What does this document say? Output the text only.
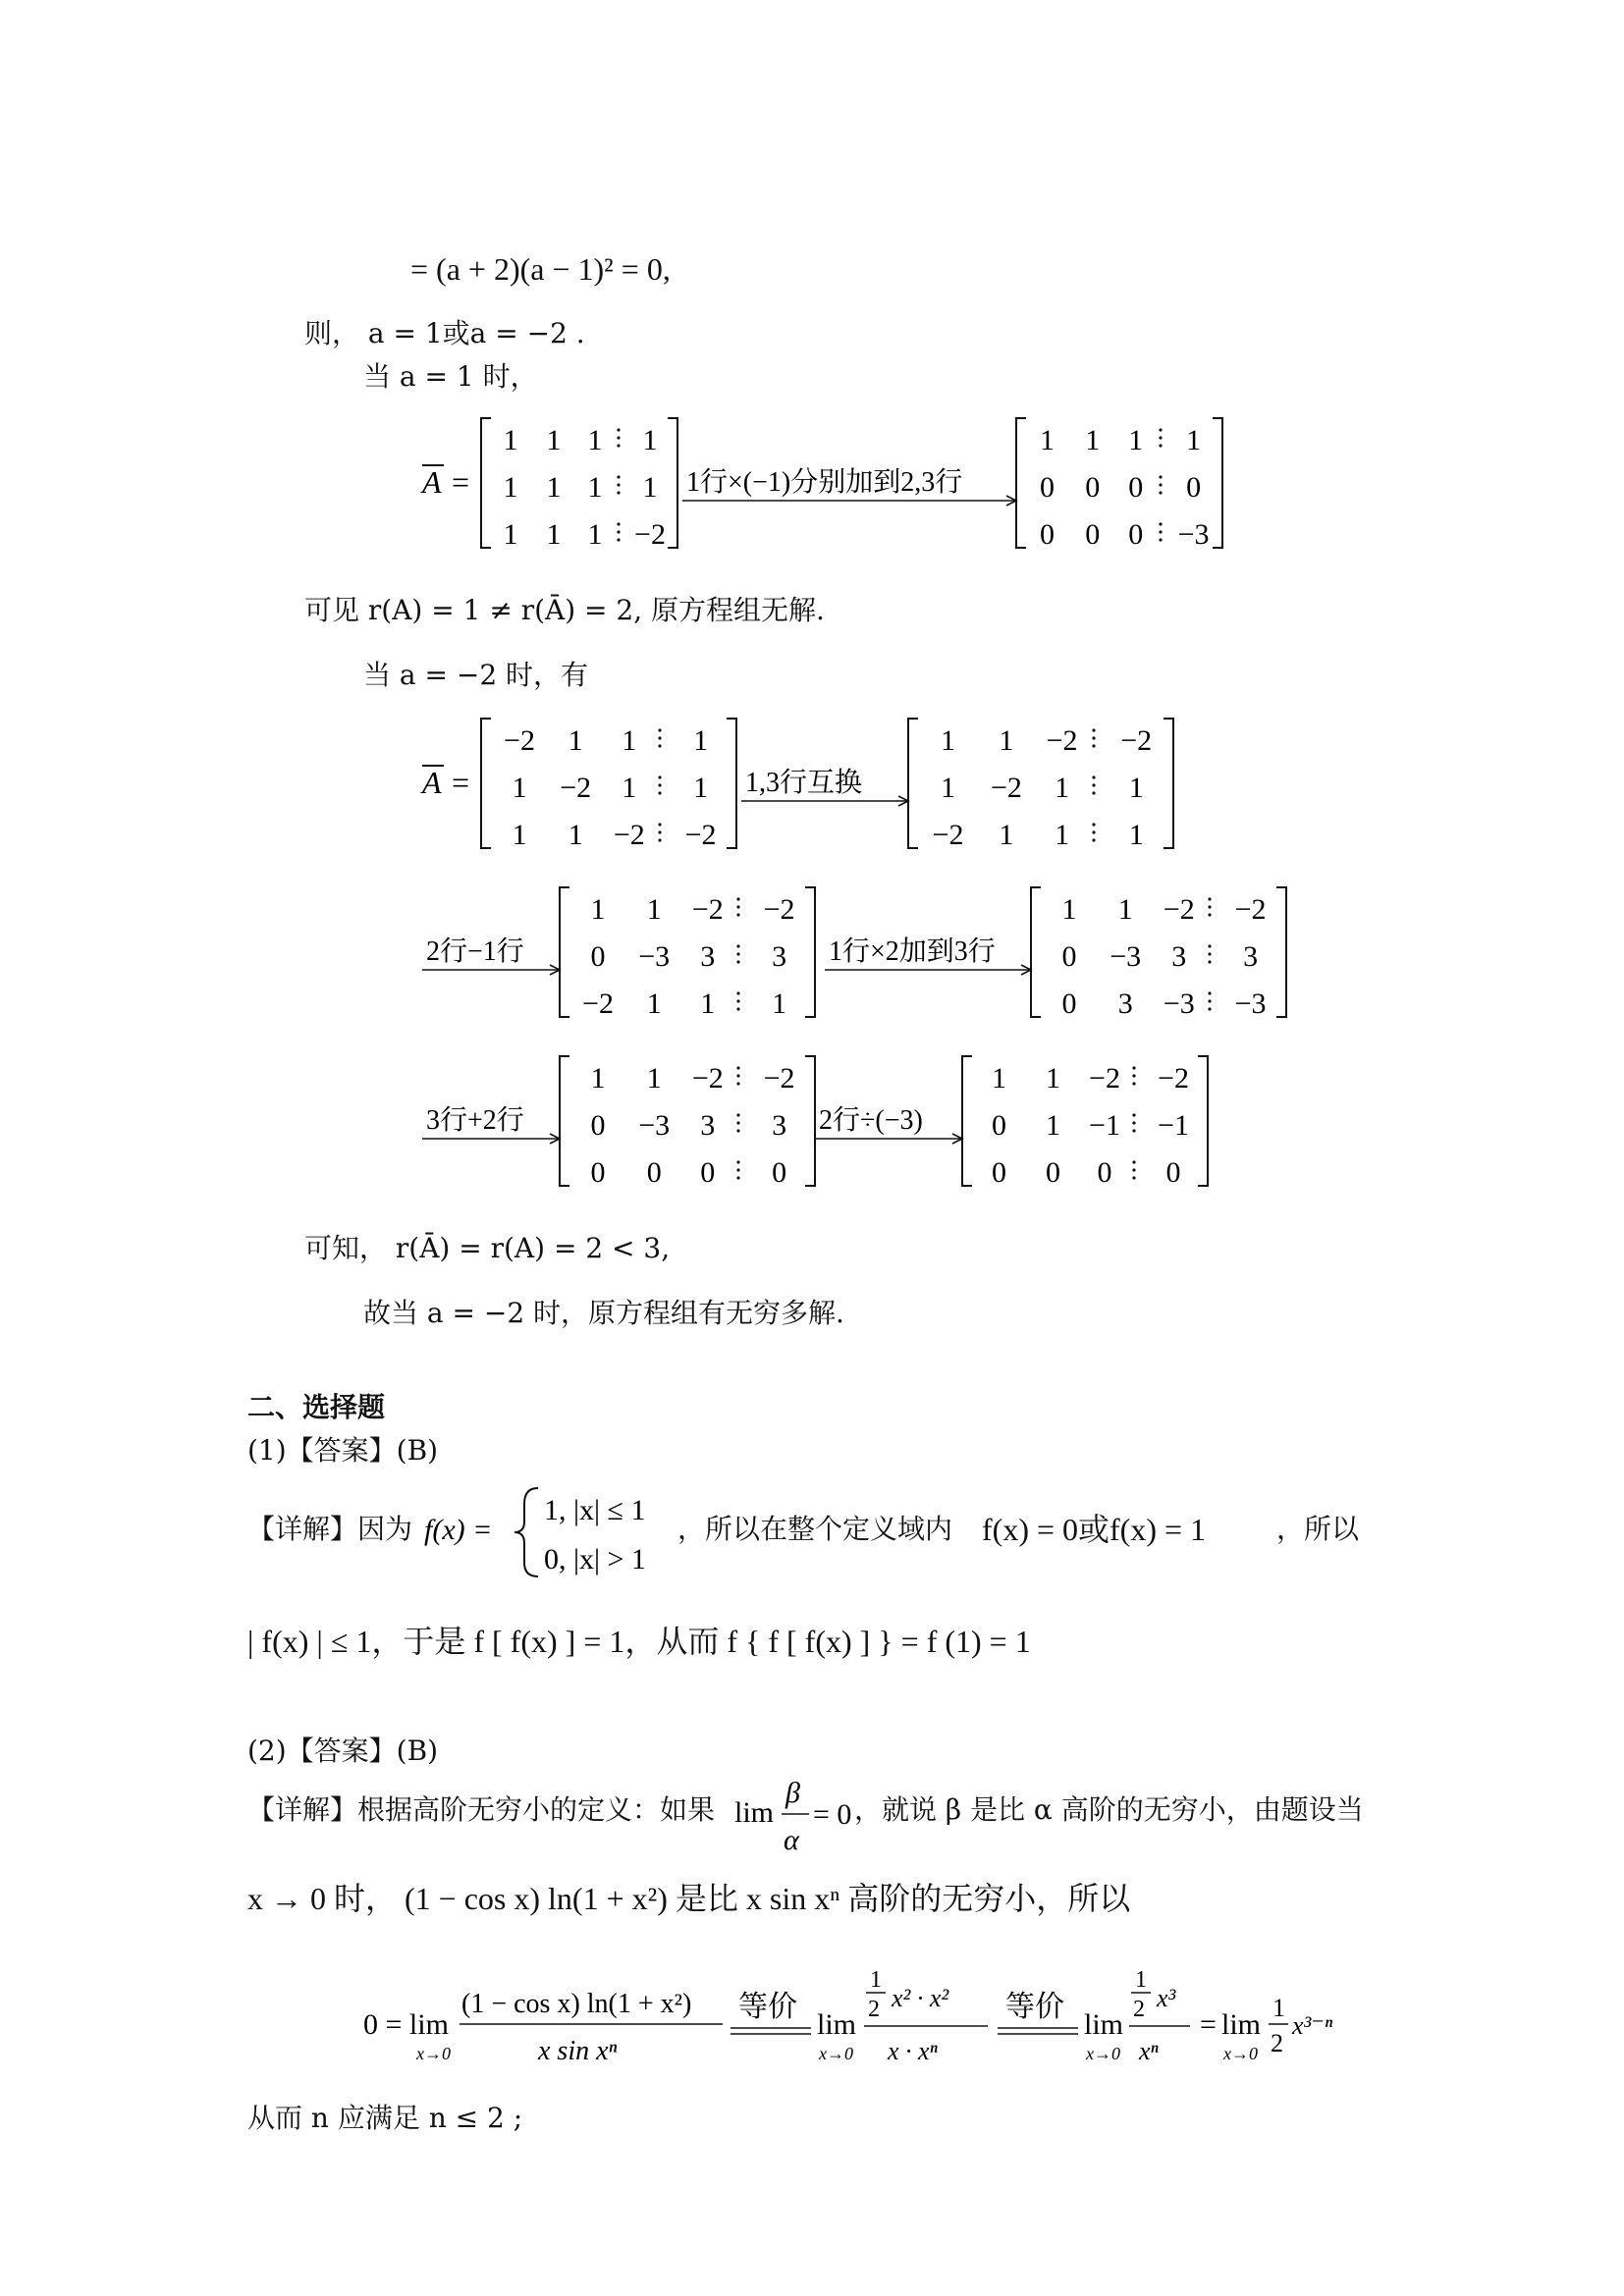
= (a + 2)(a − 1)² = 0,
则， a = 1或a = −2 .
当 a = 1 时，
A =
1 1 1 1
1 1 1 1
1 1 1 −2
1行×(−1)分别加到2,3行
1 1 1 1
0 0 0 0
0 0 0 −3
可见 r(A) = 1 ≠ r(Ā) = 2, 原方程组无解.
当 a = −2 时，有
A =
−2 1 1 1
1 −2 1 1
1 1 −2 −2
1,3行互换
1 1 −2 −2
1 −2 1 1
−2 1 1 1
2行−1行
1 1 −2 −2
0 −3 3 3
−2 1 1 1
1行×2加到3行
1 1 −2 −2
0 −3 3 3
0 3 −3 −3
3行+2行
1 1 −2 −2
0 −3 3 3
0 0 0 0
2行÷(−3)
1 1 −2 −2
0 1 −1 −1
0 0 0 0
可知， r(Ā) = r(A) = 2 < 3,
故当 a = −2 时，原方程组有无穷多解.
二、选择题
(1)【答案】(B)
【详解】因为 f(x) =
1, |x| ≤ 1
0, |x| > 1
，所以在整个定义域内 f(x) = 0或f(x) = 1	，所以
| f(x) | ≤ 1，于是 f [ f(x) ] = 1，从而 f { f [ f(x) ] } = f (1) = 1
(2)【答案】(B)
【详解】根据高阶无穷小的定义：如果 lim
β
α
= 0 ，就说 β 是比 α 高阶的无穷小，由题设当
x → 0 时， (1 − cos x) ln(1 + x²) 是比 x sin xⁿ 高阶的无穷小，所以
0 = lim
x→0
(1 − cos x) ln(1 + x²)
x sin xⁿ
等价
lim
x→0
1
2 x² · x²
x · xⁿ
等价
lim
x→0
1
2 x³
xⁿ
= lim
x→0
1
2
x³⁻ⁿ
从而 n 应满足 n ≤ 2 ;
